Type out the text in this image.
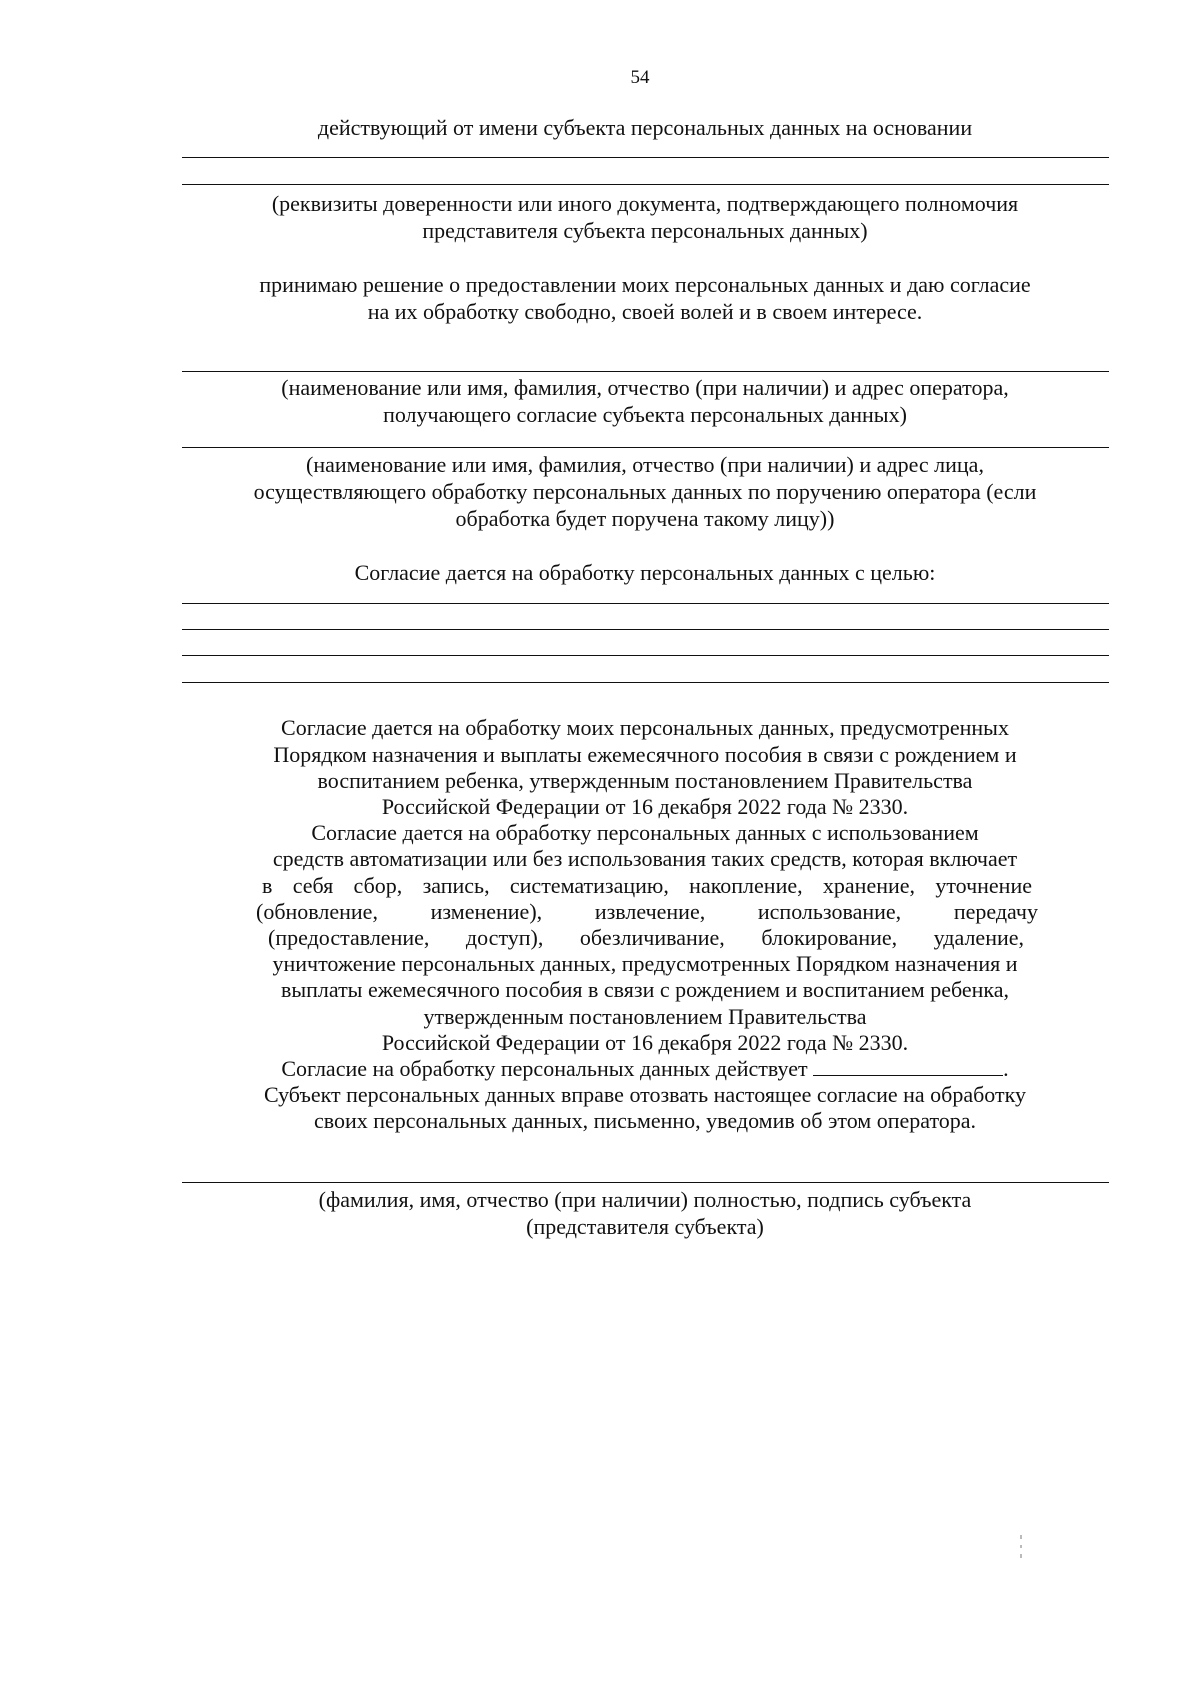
54
действующий от имени субъекта персональных данных на основании
(реквизиты доверенности или иного документа, подтверждающего полномочия
представителя субъекта персональных данных)
принимаю решение о предоставлении моих персональных данных и даю согласие
на их обработку свободно, своей волей и в своем интересе.
(наименование или имя, фамилия, отчество (при наличии) и адрес оператора,
получающего согласие субъекта персональных данных)
(наименование или имя, фамилия, отчество (при наличии) и адрес лица,
осуществляющего обработку персональных данных по поручению оператора (если
обработка будет поручена такому лицу))
Согласие дается на обработку персональных данных с целью:
Согласие дается на обработку моих персональных данных, предусмотренных
Порядком назначения и выплаты ежемесячного пособия в связи с рождением и
воспитанием ребенка, утвержденным постановлением Правительства
Российской Федерации от 16 декабря 2022 года № 2330.
Согласие дается на обработку персональных данных с использованием
средств автоматизации или без использования таких средств, которая включает
в себя сбор, запись, систематизацию, накопление, хранение, уточнение
(обновление, изменение), извлечение, использование, передачу
(предоставление, доступ), обезличивание, блокирование, удаление,
уничтожение персональных данных, предусмотренных Порядком назначения и
выплаты ежемесячного пособия в связи с рождением и воспитанием ребенка,
утвержденным постановлением Правительства
Российской Федерации от 16 декабря 2022 года № 2330.
Согласие на обработку персональных данных действует	.
Субъект персональных данных вправе отозвать настоящее согласие на обработку
своих персональных данных, письменно, уведомив об этом оператора.
(фамилия, имя, отчество (при наличии) полностью, подпись субъекта
(представителя субъекта)
